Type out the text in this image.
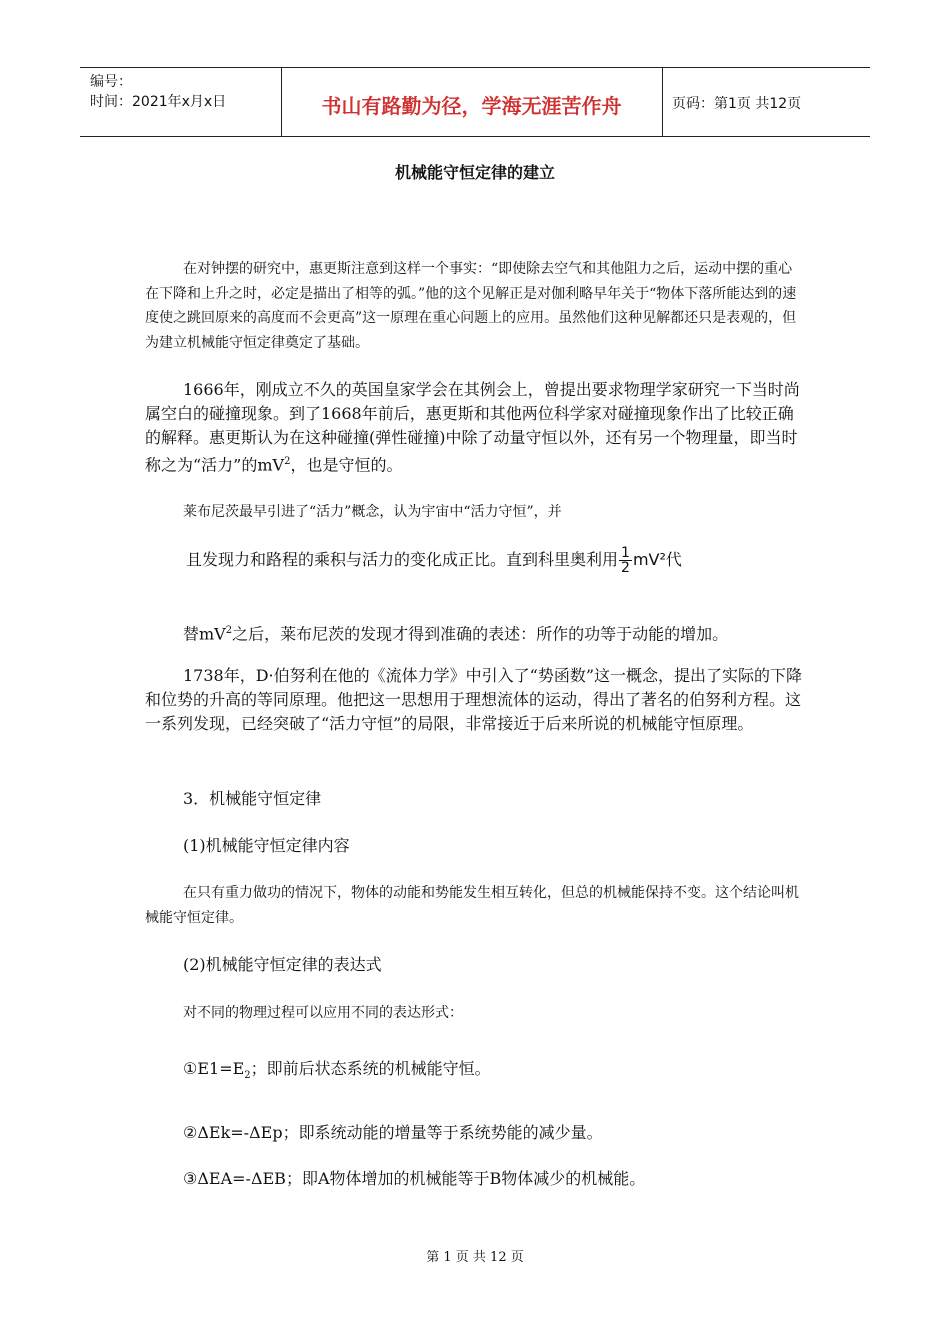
编号：
时间：2021年x月x日	书山有路勤为径，学海无涯苦作舟	页码：第1页 共12页
机械能守恒定律的建立

在对钟摆的研究中，惠更斯注意到这样一个事实：“即使除去空气和其他阻力之后，运动中摆的重心在下降和上升之时，必定是描出了相等的弧。”他的这个见解正是对伽利略早年关于“物体下落所能达到的速度使之跳回原来的高度而不会更高”这一原理在重心问题上的应用。虽然他们这种见解都还只是表观的，但为建立机械能守恒定律奠定了基础。

1666年，刚成立不久的英国皇家学会在其例会上，曾提出要求物理学家研究一下当时尚属空白的碰撞现象。到了1668年前后，惠更斯和其他两位科学家对碰撞现象作出了比较正确的解释。惠更斯认为在这种碰撞(弹性碰撞)中除了动量守恒以外，还有另一个物理量，即当时称之为“活力”的$mV^2$，也是守恒的。

莱布尼茨最早引进了“活力”概念，认为宇宙中“活力守恒”，并

且发现力和路程的乘积与活力的变化成正比。直到科里奥利用 $\frac{1}{2} mV^2$代

替$mV^2$之后，莱布尼茨的发现才得到准确的表述：所作的功等于动能的增加。

1738年，D·伯努利在他的《流体力学》中引入了“势函数”这一概念，提出了实际的下降和位势的升高的等同原理。他把这一思想用于理想流体的运动，得出了著名的伯努利方程。这一系列发现，已经突破了“活力守恒”的局限，非常接近于后来所说的机械能守恒原理。

3．机械能守恒定律

(1)机械能守恒定律内容

在只有重力做功的情况下，物体的动能和势能发生相互转化，但总的机械能保持不变。这个结论叫机械能守恒定律。

(2)机械能守恒定律的表达式

对不同的物理过程可以应用不同的表达形式：

$①E1=E_2$；即前后状态系统的机械能守恒。

②ΔEk=-ΔEp；即系统动能的增量等于系统势能的减少量。

③ΔEA=-ΔEB；即A物体增加的机械能等于B物体减少的机械能。

第 1 页 共 12 页
